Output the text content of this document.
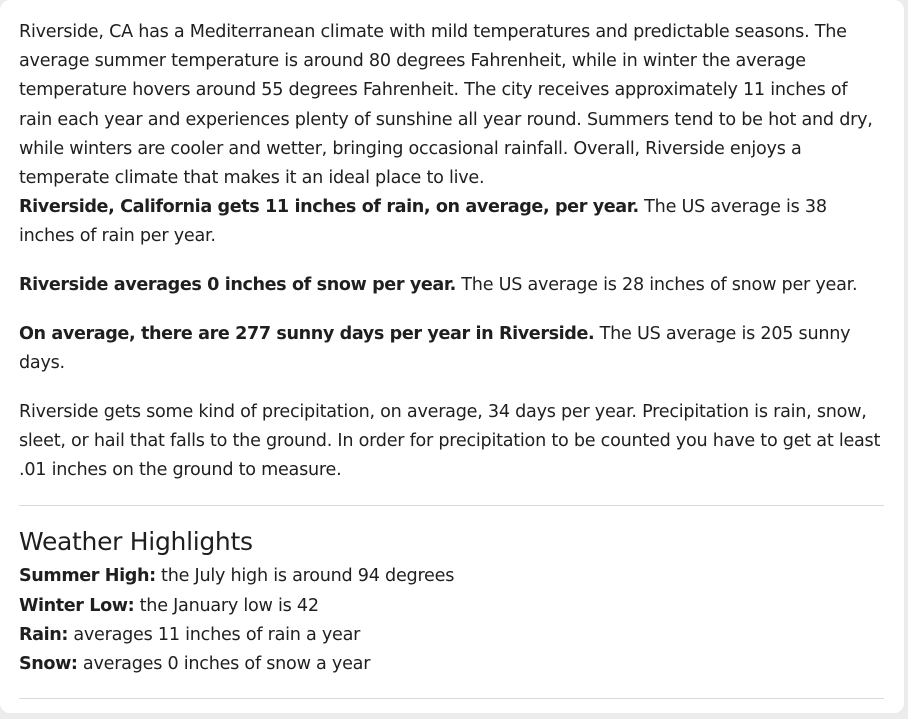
Riverside, CA has a Mediterranean climate with mild temperatures and predictable seasons. The average summer temperature is around 80 degrees Fahrenheit, while in winter the average temperature hovers around 55 degrees Fahrenheit. The city receives approximately 11 inches of rain each year and experiences plenty of sunshine all year round. Summers tend to be hot and dry, while winters are cooler and wetter, bringing occasional rainfall. Overall, Riverside enjoys a temperate climate that makes it an ideal place to live.

Riverside, California gets 11 inches of rain, on average, per year. The US average is 38 inches of rain per year.

Riverside averages 0 inches of snow per year. The US average is 28 inches of snow per year.

On average, there are 277 sunny days per year in Riverside. The US average is 205 sunny days.

Riverside gets some kind of precipitation, on average, 34 days per year. Precipitation is rain, snow, sleet, or hail that falls to the ground. In order for precipitation to be counted you have to get at least .01 inches on the ground to measure.

Weather Highlights
Summer High: the July high is around 94 degrees
Winter Low: the January low is 42
Rain: averages 11 inches of rain a year
Snow: averages 0 inches of snow a year
